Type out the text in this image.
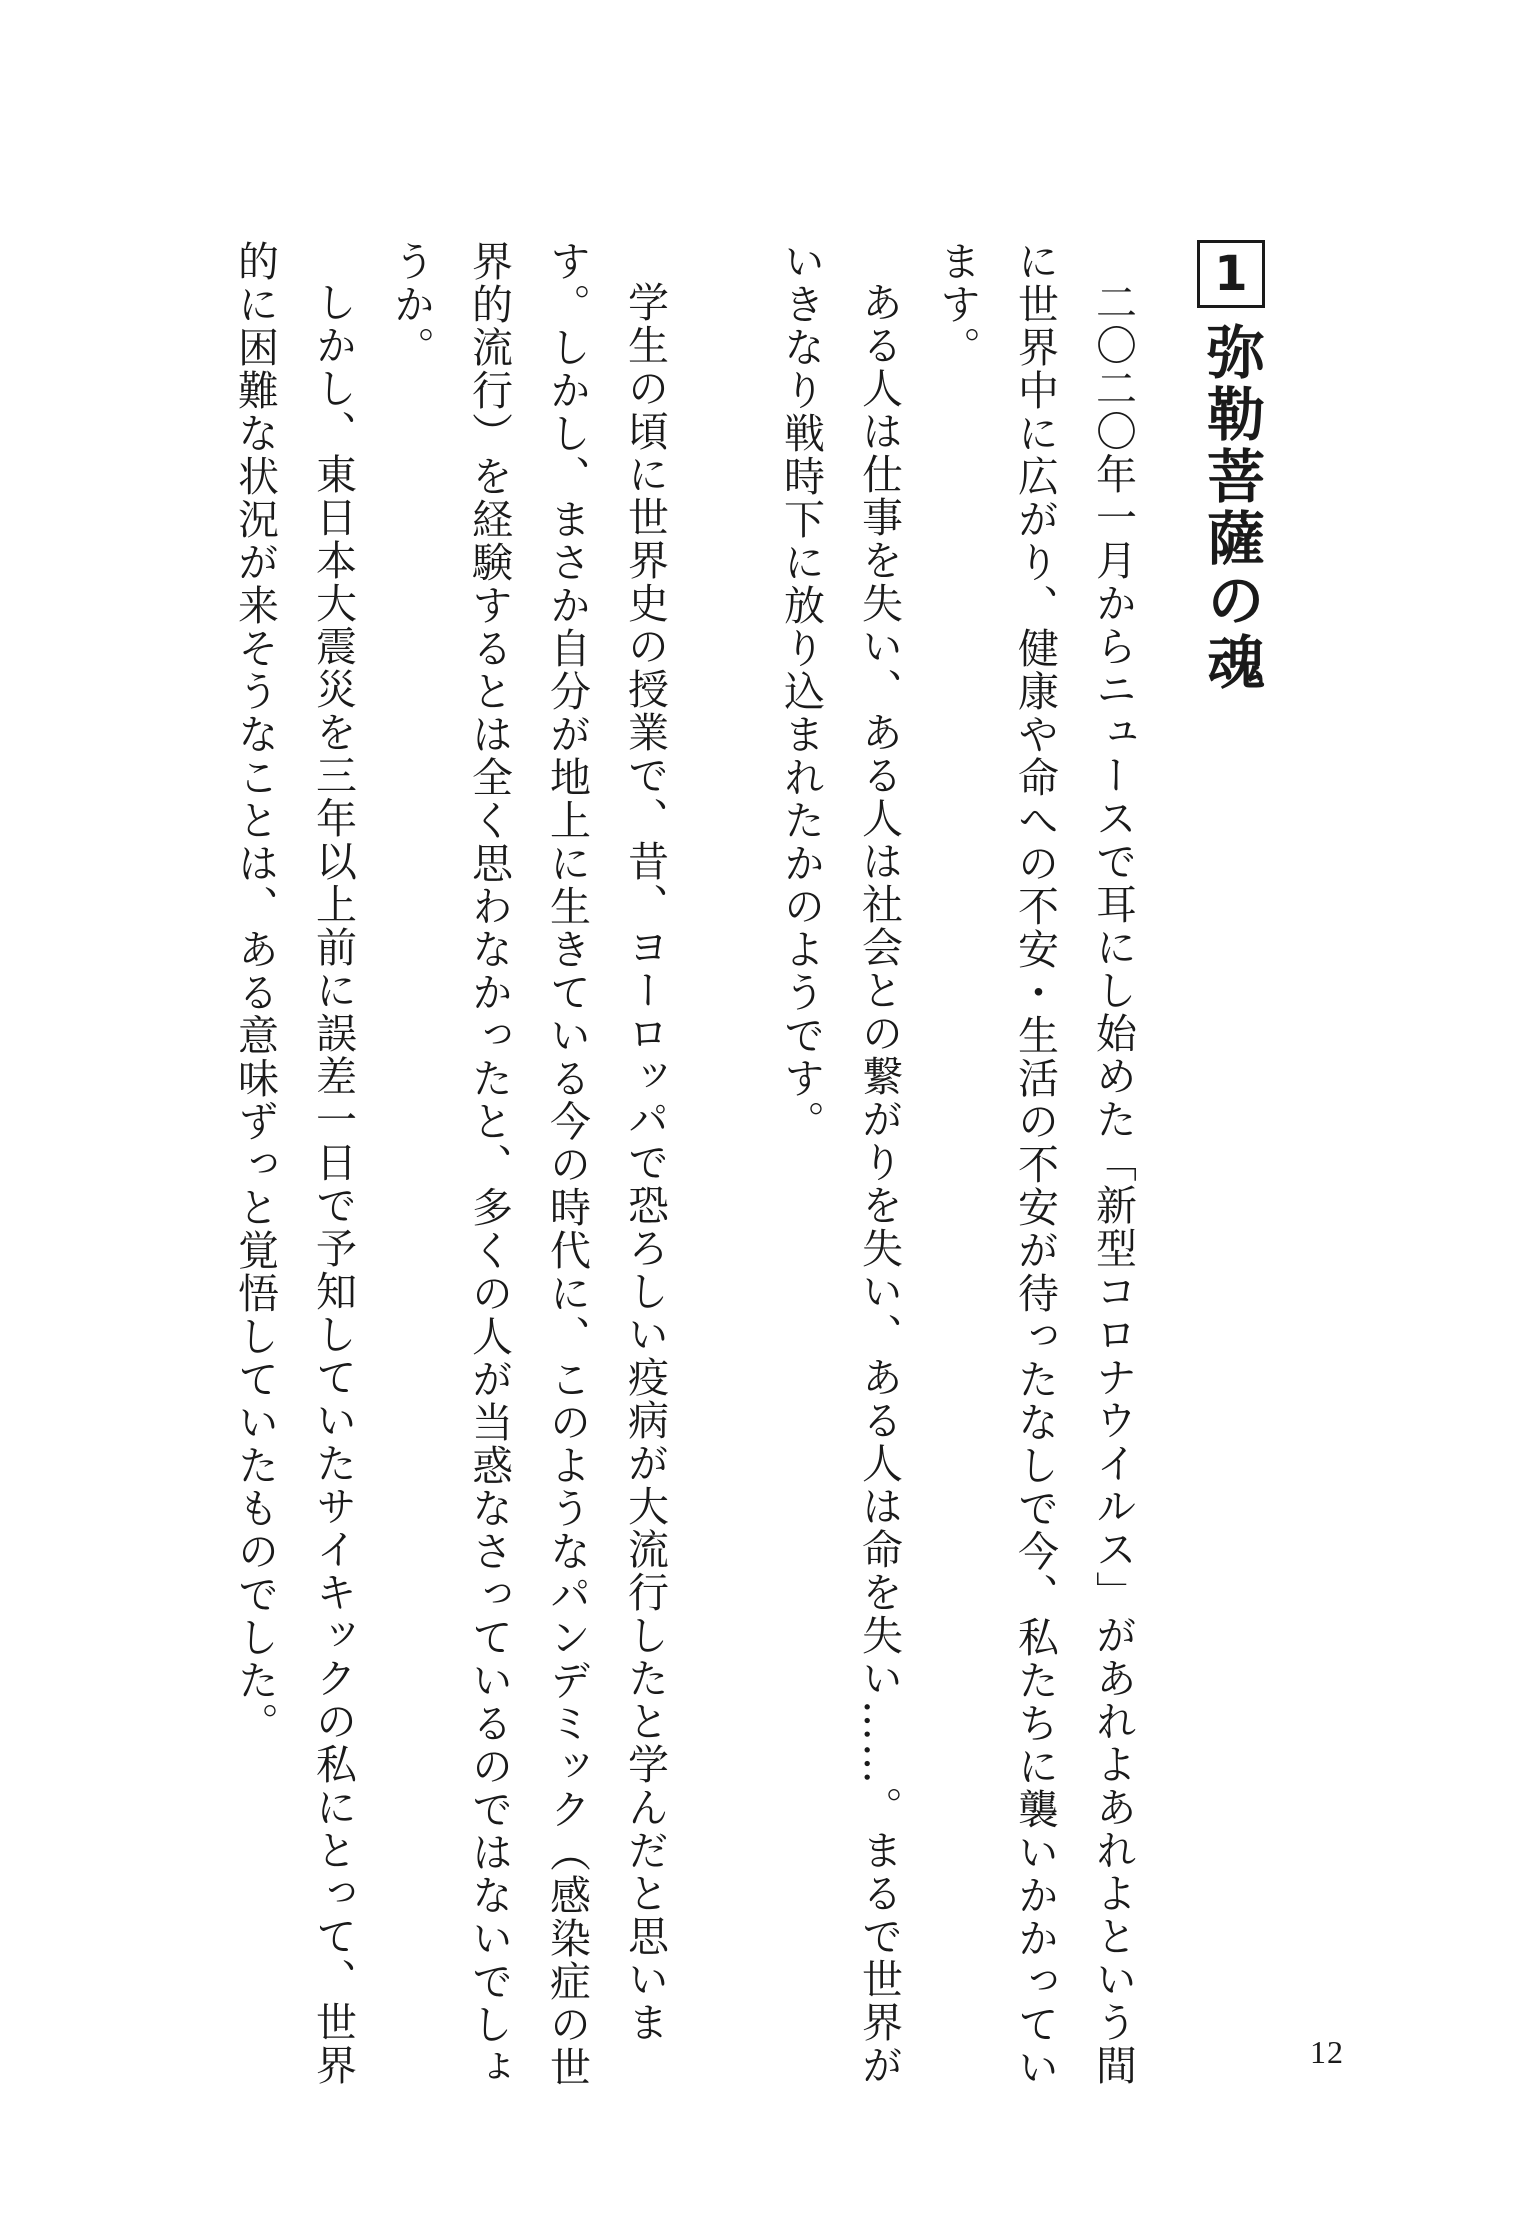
1弥勒菩薩の魂

二〇二〇年一月からニュースで耳にし始めた「新型コロナウイルス」があれよあれよという間に世界中に広がり、健康や命への不安・生活の不安が待ったなしで今、私たちに襲いかかっています。

ある人は仕事を失い、ある人は社会との繋がりを失い、ある人は命を失い……。まるで世界がいきなり戦時下に放り込まれたかのようです。

学生の頃に世界史の授業で、昔、ヨーロッパで恐ろしい疫病が大流行したと学んだと思います。しかし、まさか自分が地上に生きている今の時代に、このようなパンデミック（感染症の世界的流行）を経験するとは全く思わなかったと、多くの人が当惑なさっているのではないでしょうか。

しかし、東日本大震災を三年以上前に誤差一日で予知していたサイキックの私にとって、世界的に困難な状況が来そうなことは、ある意味ずっと覚悟していたものでした。

12
